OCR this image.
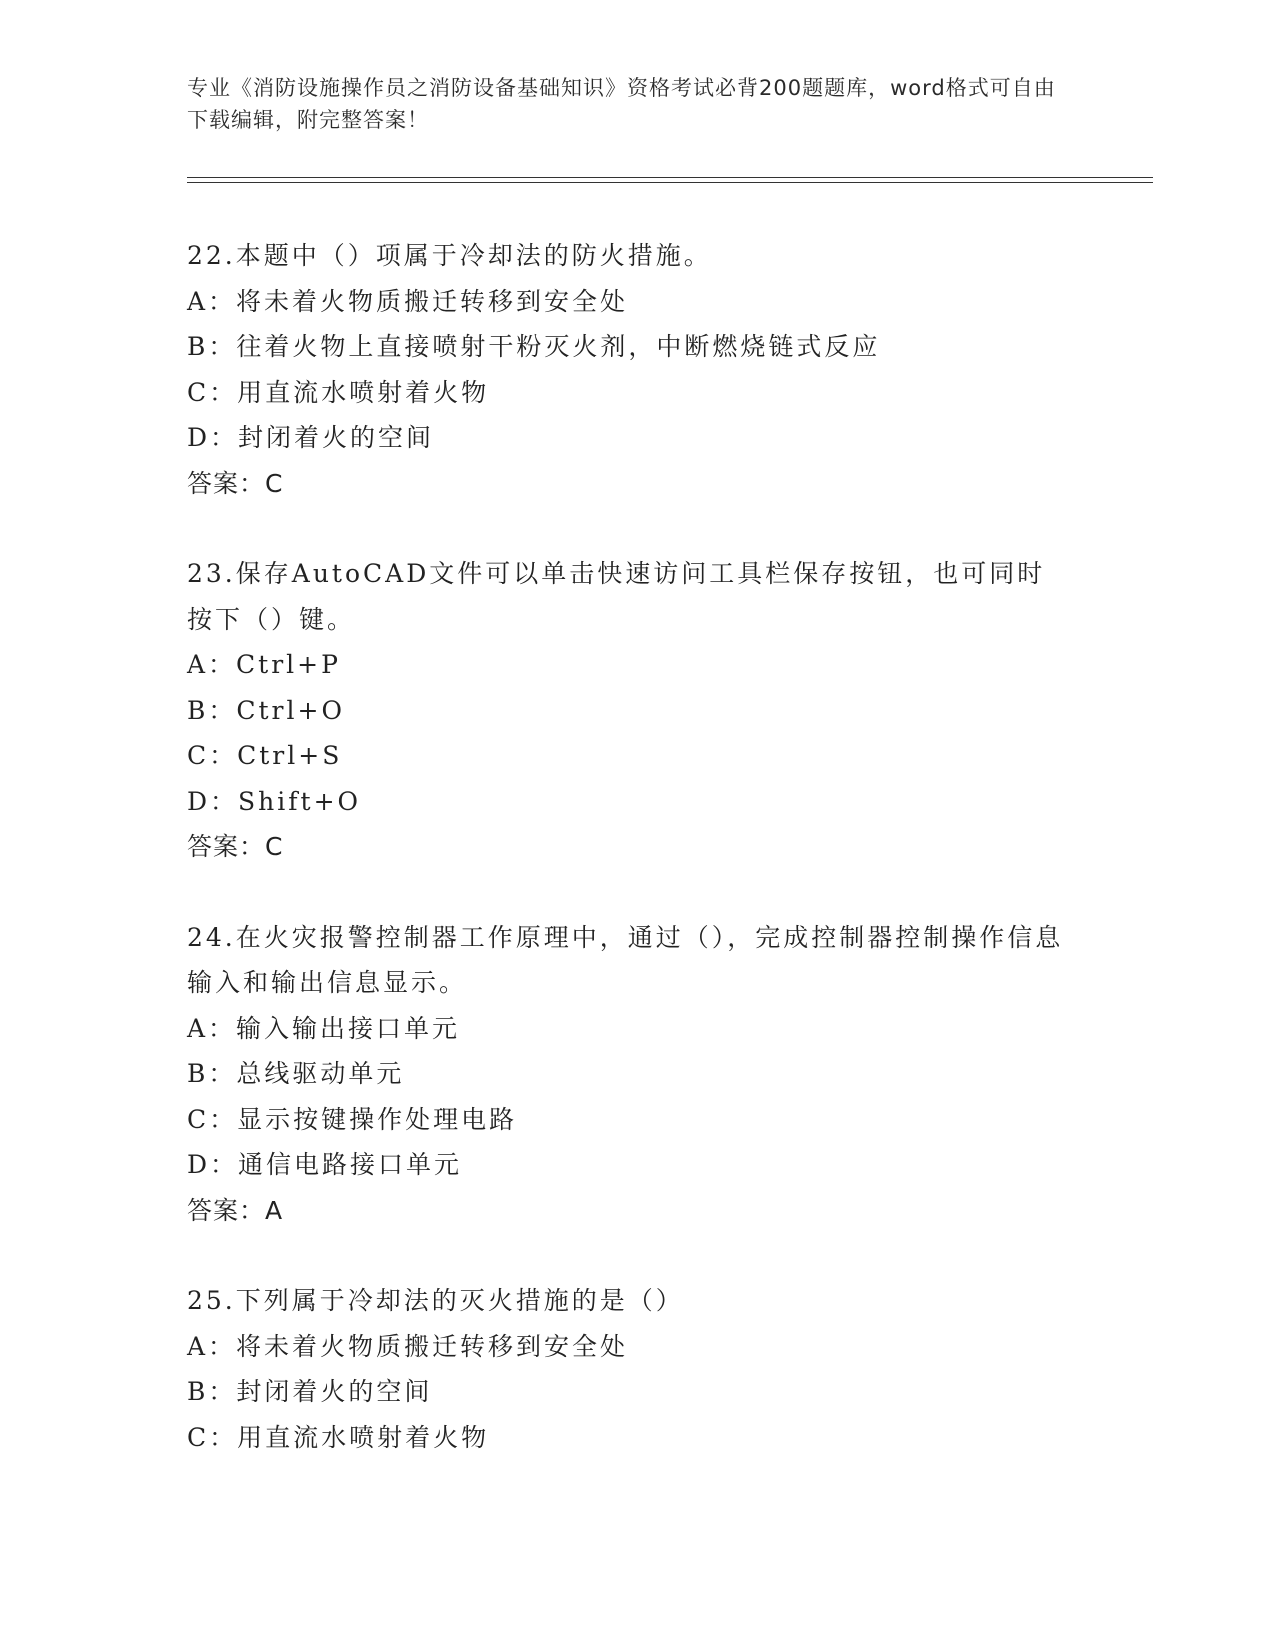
专业《消防设施操作员之消防设备基础知识》资格考试必背200题题库，word格式可自由下载编辑，附完整答案！
22.本题中（）项属于冷却法的防火措施。
A：将未着火物质搬迁转移到安全处
B：往着火物上直接喷射干粉灭火剂，中断燃烧链式反应
C：用直流水喷射着火物
D：封闭着火的空间
答案：C
23.保存AutoCAD文件可以单击快速访问工具栏保存按钮，也可同时按下（）键。
A：Ctrl+P
B：Ctrl+O
C：Ctrl+S
D：Shift+O
答案：C
24.在火灾报警控制器工作原理中，通过（），完成控制器控制操作信息输入和输出信息显示。
A：输入输出接口单元
B：总线驱动单元
C：显示按键操作处理电路
D：通信电路接口单元
答案：A
25.下列属于冷却法的灭火措施的是（）
A：将未着火物质搬迁转移到安全处
B：封闭着火的空间
C：用直流水喷射着火物
